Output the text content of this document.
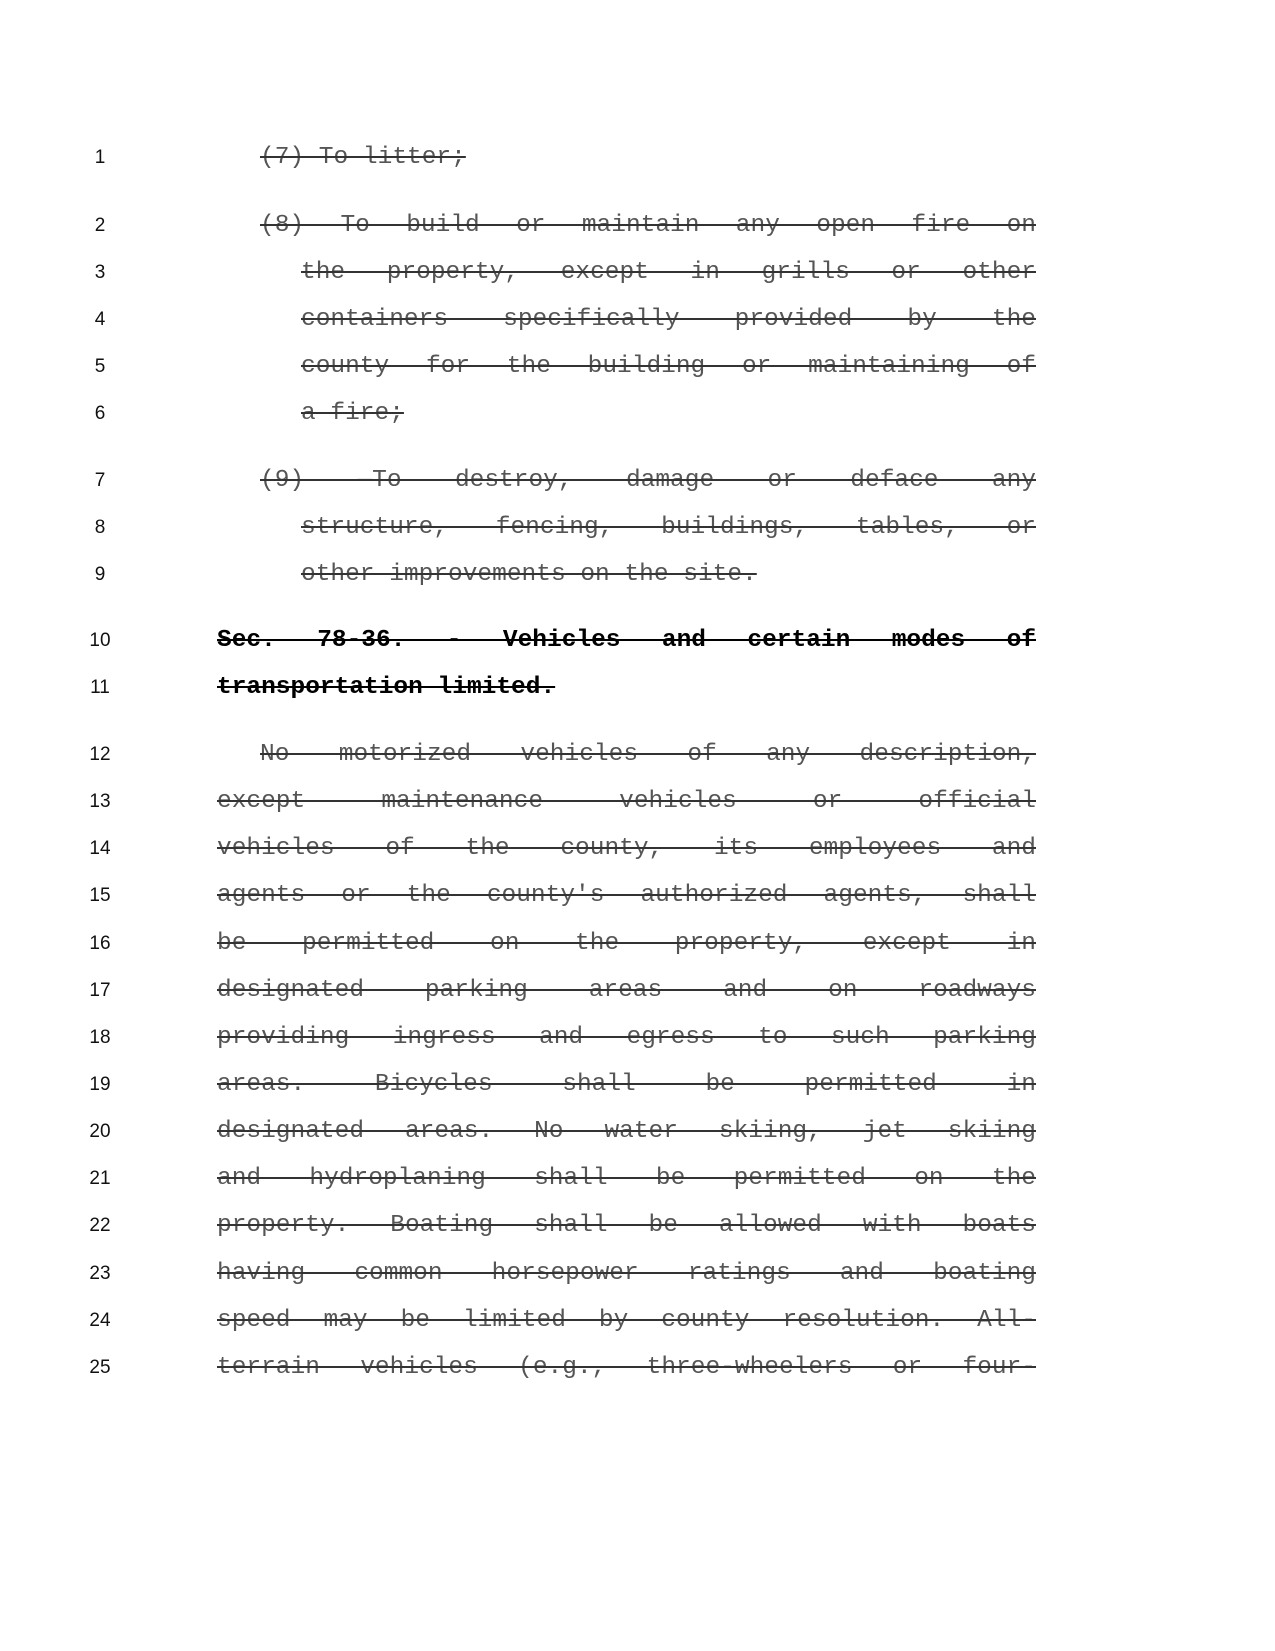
1
2
3
4
5
6
7
8
9
10
11
12
13
14
15
16
17
18
19
20
21
22
23
24
25
(7) To litter;
(8) To build or maintain any open fire on
the property, except in grills or other
containers specifically provided by the
county for the building or maintaining of
a fire;
(9) —To destroy, damage or deface any
structure, fencing, buildings, tables, or
other improvements on the site.
Sec. 78-36. - Vehicles and certain modes of
transportation limited.
No motorized vehicles of any description,
except maintenance vehicles or official
vehicles of the county, its employees and
agents or the county's authorized agents, shall
be permitted on the property, except in
designated parking areas and on roadways
providing ingress and egress to such parking
areas. Bicycles shall be permitted in
designated areas. No water skiing, jet skiing
and hydroplaning shall be permitted on the
property. Boating shall be allowed with boats
having common horsepower ratings and boating
speed may be limited by county resolution. All-
terrain vehicles (e.g., three-wheelers or four-
